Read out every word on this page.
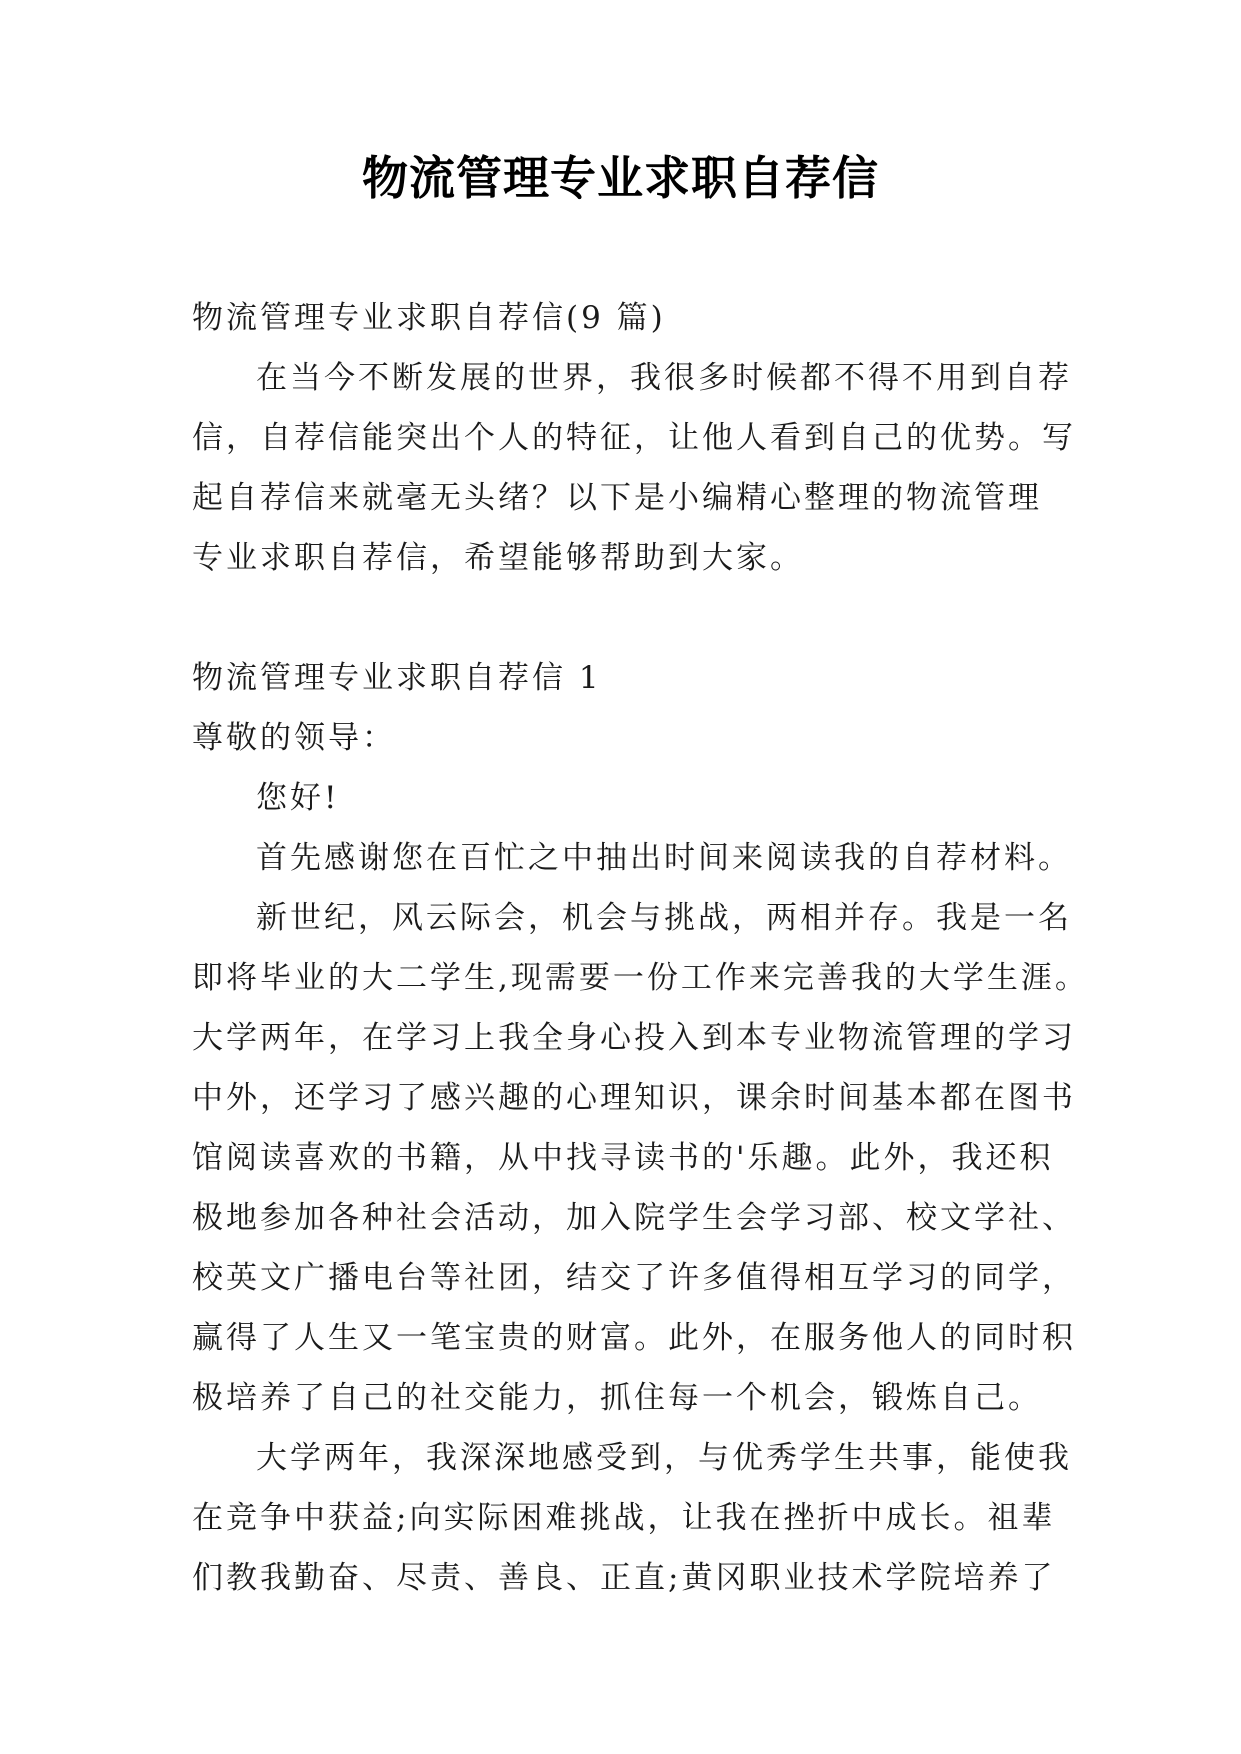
物流管理专业求职自荐信
物流管理专业求职自荐信(9 篇)
在当今不断发展的世界，我很多时候都不得不用到自荐
信，自荐信能突出个人的特征，让他人看到自己的优势。写
起自荐信来就毫无头绪？以下是小编精心整理的物流管理
专业求职自荐信，希望能够帮助到大家。
物流管理专业求职自荐信 1
尊敬的领导：
您好!
首先感谢您在百忙之中抽出时间来阅读我的自荐材料。
新世纪，风云际会，机会与挑战，两相并存。我是一名
即将毕业的大二学生,现需要一份工作来完善我的大学生涯。
大学两年，在学习上我全身心投入到本专业物流管理的学习
中外，还学习了感兴趣的心理知识，课余时间基本都在图书
馆阅读喜欢的书籍，从中找寻读书的'乐趣。此外，我还积
极地参加各种社会活动，加入院学生会学习部、校文学社、
校英文广播电台等社团，结交了许多值得相互学习的同学，
赢得了人生又一笔宝贵的财富。此外，在服务他人的同时积
极培养了自己的社交能力，抓住每一个机会，锻炼自己。
大学两年，我深深地感受到，与优秀学生共事，能使我
在竞争中获益;向实际困难挑战，让我在挫折中成长。祖辈
们教我勤奋、尽责、善良、正直;黄冈职业技术学院培养了
